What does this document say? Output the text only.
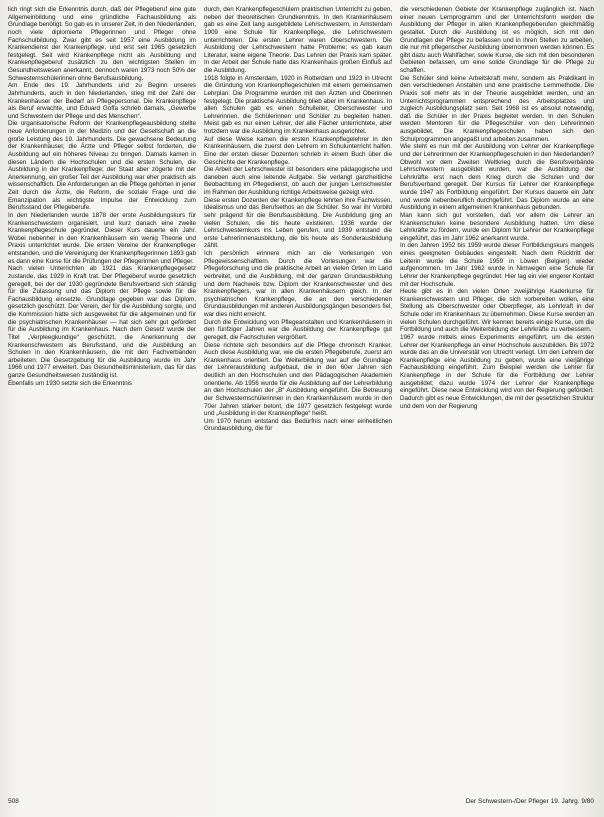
lich ringt sich die Erkenntnis durch, daß der Pflegeberuf eine gute Allgemeinbildung und eine gründliche Fachausbildung als Grundlage benötigt. So gab es in unserer Zeit, in den Niederlanden, noch viele diplomierte Pflegerinnen und Pfleger ohne Fachschulbildung. Zwar gibt es seit 1957 eine Ausbildung im Krankendienst der Krankenpflege, und erst seit 1965 gesetzlich festgelegt. Seit wird Krankenpflege nicht als Ausbildung und Krankenpflegeberuf zusätzlich zu den wichtigsten Stellen im Gesundheitswesen anerkannt, dennoch waren 1973 noch 50% der Schwesternschülerinnen ohne Berufsausbildung.

Am Ende des 19. Jahrhunderts und zu Beginn unseres Jahrhunderts, auch in den Niederlanden, stieg mit der Zahl der Krankenhäuser der Bedarf an Pflegepersonal. Die Krankenpflege als Beruf erwachte, und Eduard Goffa schrieb damals, „Gewerbe und Schwestern der Pflege und des Menschen“.

Die organisatorische Reform der Krankenpflegeausbildung stellte neue Anforderungen in der Medizin und der Gesellschaft an die große Leistung des 19. Jahrhunderts. Die gewachsene Bedeutung der Krankenhäuser, die Ärzte und Pfleger selbst forderten, die Ausbildung auf ein höheres Niveau zu bringen. Damals kamen in diesen Ländern die Hochschulen und die ersten Schulen, die Ausbildung in der Krankenpflege; der Staat aber zögerte mit der Anerkennung, ein großer Teil der Ausbildung war eher praktisch als wissenschaftlich. Die Anforderungen an die Pflege gehörten in jener Zeit durch die Ärzte, die Reform, die soziale Frage und die Emanzipation als wichtigste Impulse der Entwicklung zum Berufsstand der Pflegeberufe.

In den Niederlanden wurde 1878 der erste Ausbildungskurs für Krankenschwestern organisiert, und kurz danach eine zweite Krankenpflegeschule gegründet. Dieser Kurs dauerte ein Jahr. Wobei nebenher in den Krankenhäusern ein wenig Theorie und Praxis unterrichtet wurde. Die ersten Vereine der Krankenpfleger entstanden, und die Vereinigung der Krankenpflegerinnen 1893 gab es dann eine Kurse für die Prüfungen der Pflegerinnen und Pfleger.

Nach vielen Unterrichten ab 1921 das Krankenpflegegesetz zustande, das 1929 in Kraft trat. Der Pflegeberuf wurde gesetzlich geregelt, bei der der 1930 gegründete Berufsverband sich ständig für die Zulassung und das Diplom der Pflege sowie für die Fachausbildung einsetzte. Grundlage gegeben war das Diplom, gesetzlich geschützt. Der Verein, der für die Ausbildung sorgte, und die Kommission hatte sich ausgeweitet für die allgemeinen und für die psychiatrischen Krankenhäuser — hat sich sehr gut gefördert für die Ausbildung im Krankenhaus. Nach dem Gesetz wurde der Titel „Verpleegkundige“ geschützt, die Anerkennung der Krankenschwestern als Berufsstand, und die Ausbildung an Schulen in den Krankenhäusern, die mit den Fachverbänden arbeiteten. Die Gesetzgebung für die Ausbildung wurde im Jahr 1966 und 1977 erweitert. Das Gesundheitsministerium, das für das ganze Gesundheitswesen zuständig ist.

Ebenfalls um 1930 setzte sich die Erkenntnis

durch, den Krankenpflegeschülern praktischen Unterricht zu geben, neben der theoretischen Grundkenntnis. In den Krankenhäusern gab es eine Zeit lang ausgebildete Lehrschwestern, in Amsterdam 1909 eine Schule für Krankenpflege, die Lehrschwestern unterrichteten. Die ersten Lehrer waren Oberschwestern. Die Ausbildung der Lehrschwestern hatte Probleme; es gab kaum Literatur, keine eigene Theorie. Das Lehren der Praxis kam später. In der Arbeit der Schule hatte das Krankenhaus großen Einfluß auf die Ausbildung.

1918 folgte in Amsterdam, 1920 in Rotterdam und 1923 in Utrecht die Gründung von Krankenpflegeschulen mit einem gemeinsamen Lehrplan. Die Programme wurden mit den Ärzten und Oberinnen festgelegt. Die praktische Ausbildung blieb aber im Krankenhaus. In allen Schulen gab es einen Schulleiter, Oberschwester und Lehrerinnen, die Schülerinnen und Schüler zu begleiten hatten. Meist gab es nur einen Lehrer, der alle Fächer unterrichtete, aber trotzdem war die Ausbildung im Krankenhaus ausgerichtet.

Auf diese Weise kamen die ersten Krankenpflegelehrer in den Krankenhäusern, die zuerst den Lehrern im Schulunterricht halfen. Eine der ersten dieser Dozenten schrieb in einem Buch über die Geschichte der Krankenpflege.

Die Arbeit der Lehrschwester ist besonders eine pädagogische und daneben auch eine leitende Aufgabe. Sie verlangt ganzheitliche Beobachtung im Pflegedienst, ob auch der jungen Lernschwester im Rahmen der Ausbildung richtige Arbeitsweise gezeigt wird.

Diese ersten Dozenten der Krankenpflege lehrten ihre Fachwissen, Idealismus und das Berufsethos an die Schüler. So war ihr Vorbild sehr prägend für die Berufsausbildung. Die Ausbildung ging an vielen Schulen, die bis heute existieren. 1936 wurde der Lehrschwesternkurs ins Leben gerufen, und 1939 entstand die erste Lehrerinnenausbildung, die bis heute als Sonderausbildung zählt.

Ich persönlich erinnere mich an die Vorlesungen von Pflegewissenschaftlern. Durch die Vorlesungen war die Pflegeforschung und die praktische Arbeit an vielen Orten im Land verbreitet, und die Ausbildung, mit der ganzen Grundausbildung und dem Nachweis bzw. Diplom der Krankenschwester und des Krankenpflegers, war in allen Krankenhäusern gleich. In der psychiatrischen Krankenpflege, die an den verschiedenen Grundausbildungen mit anderen Ausbildungsgängen besonders fiel, war dies nicht erreicht.

Durch die Entwicklung von Pflegeanstalten und Krankenhäusern in den fünfziger Jahren war die Ausbildung der Krankenpflege gut geregelt, die Fachschulen vergrößert.

Diese richtete sich besonders auf die Pflege chronisch Kranker. Auch diese Ausbildung war, wie die ersten Pflegeberufe, zuerst am Krankenhaus orientiert. Die Weiterbildung war auf die Grundlage der Lehrerausbildung aufgebaut, die in den 60er Jahren sich deutlich an den Hochschulen und den Pädagogischen Akademien orientierte. Ab 1956 wurde für die Ausbildung auf der Lehrerbildung an den Hochschulen der „B“ Ausbildung eingeführt. Die Betreuung der Schwesternschülerinnen in den Krankenhäusern wurde in den 70er Jahren stärker betont, die 1977 gesetzlich festgelegt wurde und „Ausbildung in der Krankenpflege“ heißt.

Um 1970 herum entstand das Bedürfnis nach einer einheitlichen Grundausbildung, die für

die verschiedenen Gebiete der Krankenpflege zugänglich ist. Nach einer neuen Lernprogramm und der Unterrichtsform werden die Ausbildung der Pfleger in allen Krankenpflegeberufen gleichmäßig gestaltet. Durch die Ausbildung ist es möglich, sich mit den Grundlagen der Pflege zu befassen und in ihren Stellen zu arbeiten, die nur mit pflegerischer Ausbildung übernommen werden können. Es gibt dazu auch Wahlfächer, sowie Kurse, die sich mit den besonderen Gebieten befassen, um eine solide Grundlage für die Pflege zu schaffen.

Die Schüler sind keine Arbeitskraft mehr, sondern als Praktikant in den verschiedenen Anstalten und eine praktische Lernmethode. Die Praxis soll mehr als in der Theorie ausgebildet werden, und an Unterrichtsprogrammen entsprechend des Arbeitsplatzes und zugleich Ausbildungsplatz sein. Seit 1968 ist es absolut notwendig, daß die Schüler in der Praxis begleitet werden. In den Schulen werden Mentoren für die Pflegeschüler von den Lehrerinnen ausgebildet. Die Krankenpflegeschulen haben sich den Schulprogrammen angepaßt und arbeiten zusammen.

Wie steht es nun mit der Ausbildung von Lehrer der Krankenpflege und der Lehrerinnen der Krankenpflegeschulen in den Niederlanden? Obwohl vor dem Zweiten Weltkrieg durch die Berufsverbände Lehrschwestern ausgebildet wurden, war die Ausbildung der Lehrkräfte erst nach dem Krieg durch die Schulen und der Berufsverband geregelt. Der Kursus für Lehrer der Krankenpflege wurde 1947 als Fortbildung eingeführt. Der Kursus dauerte ein Jahr und wurde nebenberuflich durchgeführt. Das Diplom wurde an eine Ausbildung in einem allgemeinen Krankenhaus gebunden.

Man kann sich gut vorstellen, daß vor allem die Lehrer an Krankenschulen keine besondere Ausbildung hatten. Um diese Lehrkräfte zu fördern, wurde ein Diplom für Lehrer der Krankenpflege eingeführt, das im Jahr 1962 anerkannt wurde.

In den Jahren 1952 bis 1959 wurde dieser Fortbildungskurs mangels eines geeigneten Gebäudes eingestellt. Nach dem Rücktritt der Leiterin wurde die Schule 1959 in Löwen (Belgien) wieder aufgenommen. Im Jahr 1962 wurde in Nimwegen eine Schule für Lehrer der Krankenpflege gegründet. Hier lag ein viel engerer Kontakt mit der Hochschule.

Heute gibt es in den vielen Orten zweijährige Kaderkurse für Krankenschwestern und Pfleger, die sich vorbereiten wollen, eine Stellung als Oberschwester oder Oberpfleger, als Lehrkraft in der Schule oder im Krankenhaus zu übernehmen. Diese Kurse werden an vielen Schulen durchgeführt. Wir kennen bereits einige Kurse, um die Fortbildung und auch die Weiterbildung der Lehrkräfte zu verbessern.

1967 wurde mittels eines Experiments eingeführt, um die ersten Lehrer der Krankenpflege an einer Hochschule auszubilden. Bis 1972 wurde das an die Universität von Utrecht verlegt. Um den Lehrern der Krankenpflege eine Ausbildung zu geben, wurde eine vierjährige Fachausbildung eingeführt. Zum Beispiel werden die Lehrer für Krankenpflege in der Schule für die Fortbildung der Lehrer ausgebildet; dazu wurde 1974 der Lehrer der Krankenpflege eingeführt. Diese neue Entwicklung wird von der Regierung gefördert. Dadurch gibt es neue Entwicklungen, die mit der gesetzlichen Struktur und dem von der Regierung

508	Der Schwestern-/Der Pfleger 19. Jahrg. 9/80
